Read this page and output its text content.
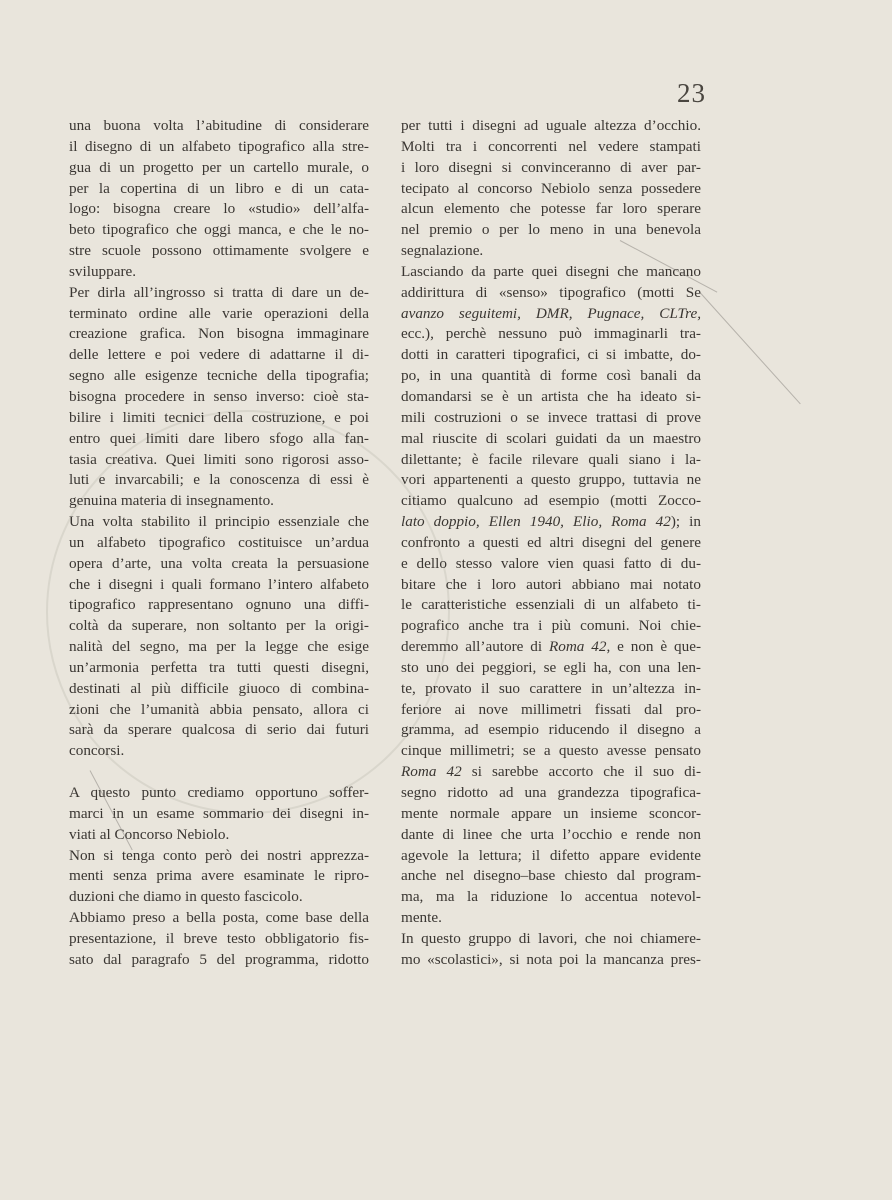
23
una buona volta l’abitudine di considerare
il disegno di un alfabeto tipografico alla stre-
gua di un progetto per un cartello murale, o
per la copertina di un libro e di un cata-
logo: bisogna creare lo «studio» dell’alfa-
beto tipografico che oggi manca, e che le no-
stre scuole possono ottimamente svolgere e
sviluppare.
Per dirla all’ingrosso si tratta di dare un de-
terminato ordine alle varie operazioni della
creazione grafica. Non bisogna immaginare
delle lettere e poi vedere di adattarne il di-
segno alle esigenze tecniche della tipografia;
bisogna procedere in senso inverso: cioè sta-
bilire i limiti tecnici della costruzione, e poi
entro quei limiti dare libero sfogo alla fan-
tasia creativa. Quei limiti sono rigorosi asso-
luti e invarcabili; e la conoscenza di essi è
genuina materia di insegnamento.
Una volta stabilito il principio essenziale che
un alfabeto tipografico costituisce un’ardua
opera d’arte, una volta creata la persuasione
che i disegni i quali formano l’intero alfabeto
tipografico rappresentano ognuno una diffi-
coltà da superare, non soltanto per la origi-
nalità del segno, ma per la legge che esige
un’armonia perfetta tra tutti questi disegni,
destinati al più difficile giuoco di combina-
zioni che l’umanità abbia pensato, allora ci
sarà da sperare qualcosa di serio dai futuri
concorsi.
A questo punto crediamo opportuno soffer-
marci in un esame sommario dei disegni in-
viati al Concorso Nebiolo.
Non si tenga conto però dei nostri apprezza-
menti senza prima avere esaminate le ripro-
duzioni che diamo in questo fascicolo.
Abbiamo preso a bella posta, come base della
presentazione, il breve testo obbligatorio fis-
sato dal paragrafo 5 del programma, ridotto
per tutti i disegni ad uguale altezza d’occhio.
Molti tra i concorrenti nel vedere stampati
i loro disegni si convinceranno di aver par-
tecipato al concorso Nebiolo senza possedere
alcun elemento che potesse far loro sperare
nel premio o per lo meno in una benevola
segnalazione.
Lasciando da parte quei disegni che mancano
addirittura di «senso» tipografico (motti Se
avanzo seguitemi, DMR, Pugnace, CLTre,
ecc.), perchè nessuno può immaginarli tra-
dotti in caratteri tipografici, ci si imbatte, do-
po, in una quantità di forme così banali da
domandarsi se è un artista che ha ideato si-
mili costruzioni o se invece trattasi di prove
mal riuscite di scolari guidati da un maestro
dilettante; è facile rilevare quali siano i la-
vori appartenenti a questo gruppo, tuttavia ne
citiamo qualcuno ad esempio (motti Zocco-
lato doppio, Ellen 1940, Elio, Roma 42); in
confronto a questi ed altri disegni del genere
e dello stesso valore vien quasi fatto di du-
bitare che i loro autori abbiano mai notato
le caratteristiche essenziali di un alfabeto ti-
pografico anche tra i più comuni. Noi chie-
deremmo all’autore di Roma 42, e non è que-
sto uno dei peggiori, se egli ha, con una len-
te, provato il suo carattere in un’altezza in-
feriore ai nove millimetri fissati dal pro-
gramma, ad esempio riducendo il disegno a
cinque millimetri; se a questo avesse pensato
Roma 42 si sarebbe accorto che il suo di-
segno ridotto ad una grandezza tipografica-
mente normale appare un insieme sconcor-
dante di linee che urta l’occhio e rende non
agevole la lettura; il difetto appare evidente
anche nel disegno–base chiesto dal program-
ma, ma la riduzione lo accentua notevol-
mente.
In questo gruppo di lavori, che noi chiamere-
mo «scolastici», si nota poi la mancanza pres-
